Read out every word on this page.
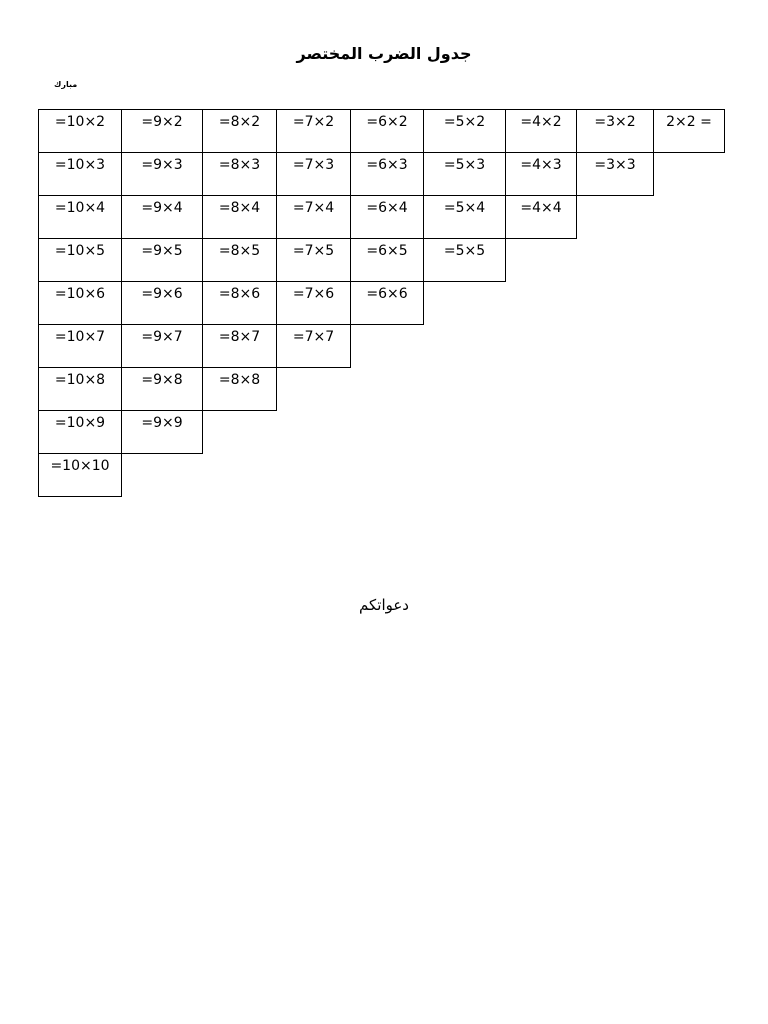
جدول الضرب المختصر
مبارك
=10×2	=9×2	=8×2	=7×2	=6×2	=5×2	=4×2	=3×2	2×2 =
=10×3	=9×3	=8×3	=7×3	=6×3	=5×3	=4×3	=3×3
=10×4	=9×4	=8×4	=7×4	=6×4	=5×4	=4×4
=10×5	=9×5	=8×5	=7×5	=6×5	=5×5
=10×6	=9×6	=8×6	=7×6	=6×6
=10×7	=9×7	=8×7	=7×7
=10×8	=9×8	=8×8
=10×9	=9×9
=10×10
دعواتكم
